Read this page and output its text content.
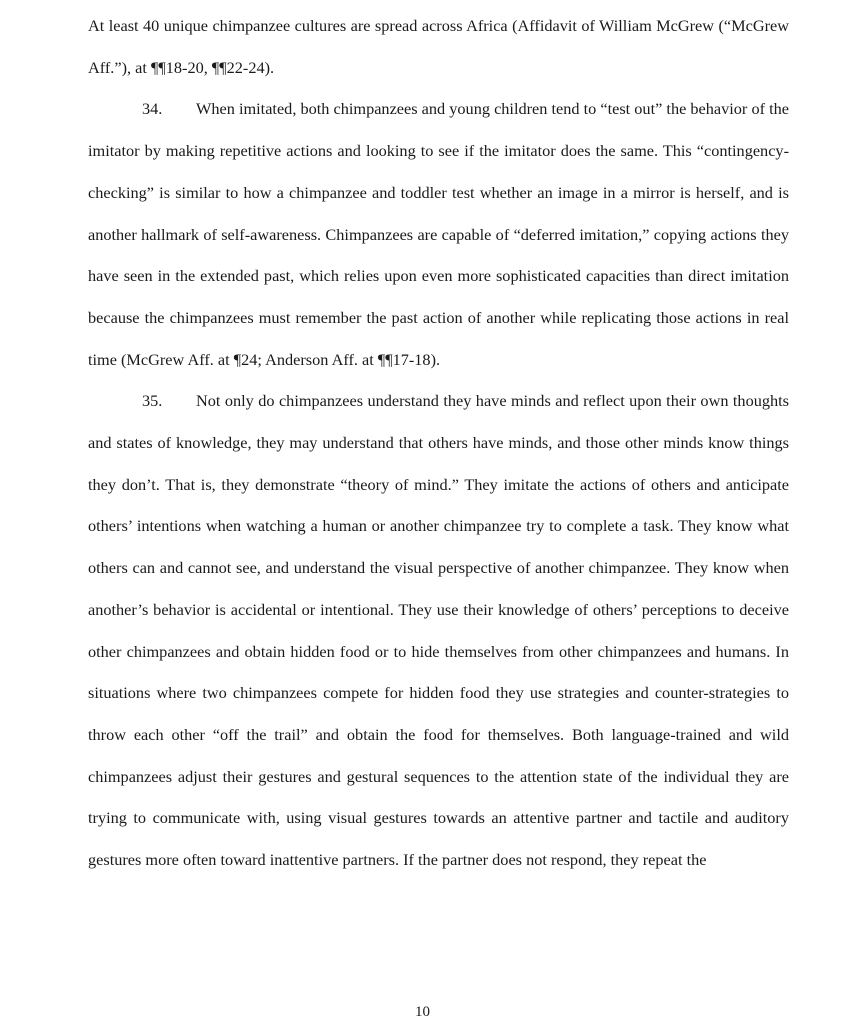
At least 40 unique chimpanzee cultures are spread across Africa (Affidavit of William McGrew (“McGrew Aff.”), at ¶¶18-20, ¶¶22-24).

34. When imitated, both chimpanzees and young children tend to “test out” the behavior of the imitator by making repetitive actions and looking to see if the imitator does the same. This “contingency-checking” is similar to how a chimpanzee and toddler test whether an image in a mirror is herself, and is another hallmark of self-awareness. Chimpanzees are capable of “deferred imitation,” copying actions they have seen in the extended past, which relies upon even more sophisticated capacities than direct imitation because the chimpanzees must remember the past action of another while replicating those actions in real time (McGrew Aff. at ¶24; Anderson Aff. at ¶¶17-18).

35. Not only do chimpanzees understand they have minds and reflect upon their own thoughts and states of knowledge, they may understand that others have minds, and those other minds know things they don’t. That is, they demonstrate “theory of mind.” They imitate the actions of others and anticipate others’ intentions when watching a human or another chimpanzee try to complete a task. They know what others can and cannot see, and understand the visual perspective of another chimpanzee. They know when another’s behavior is accidental or intentional. They use their knowledge of others’ perceptions to deceive other chimpanzees and obtain hidden food or to hide themselves from other chimpanzees and humans. In situations where two chimpanzees compete for hidden food they use strategies and counter-strategies to throw each other “off the trail” and obtain the food for themselves. Both language-trained and wild chimpanzees adjust their gestures and gestural sequences to the attention state of the individual they are trying to communicate with, using visual gestures towards an attentive partner and tactile and auditory gestures more often toward inattentive partners. If the partner does not respond, they repeat the

10
